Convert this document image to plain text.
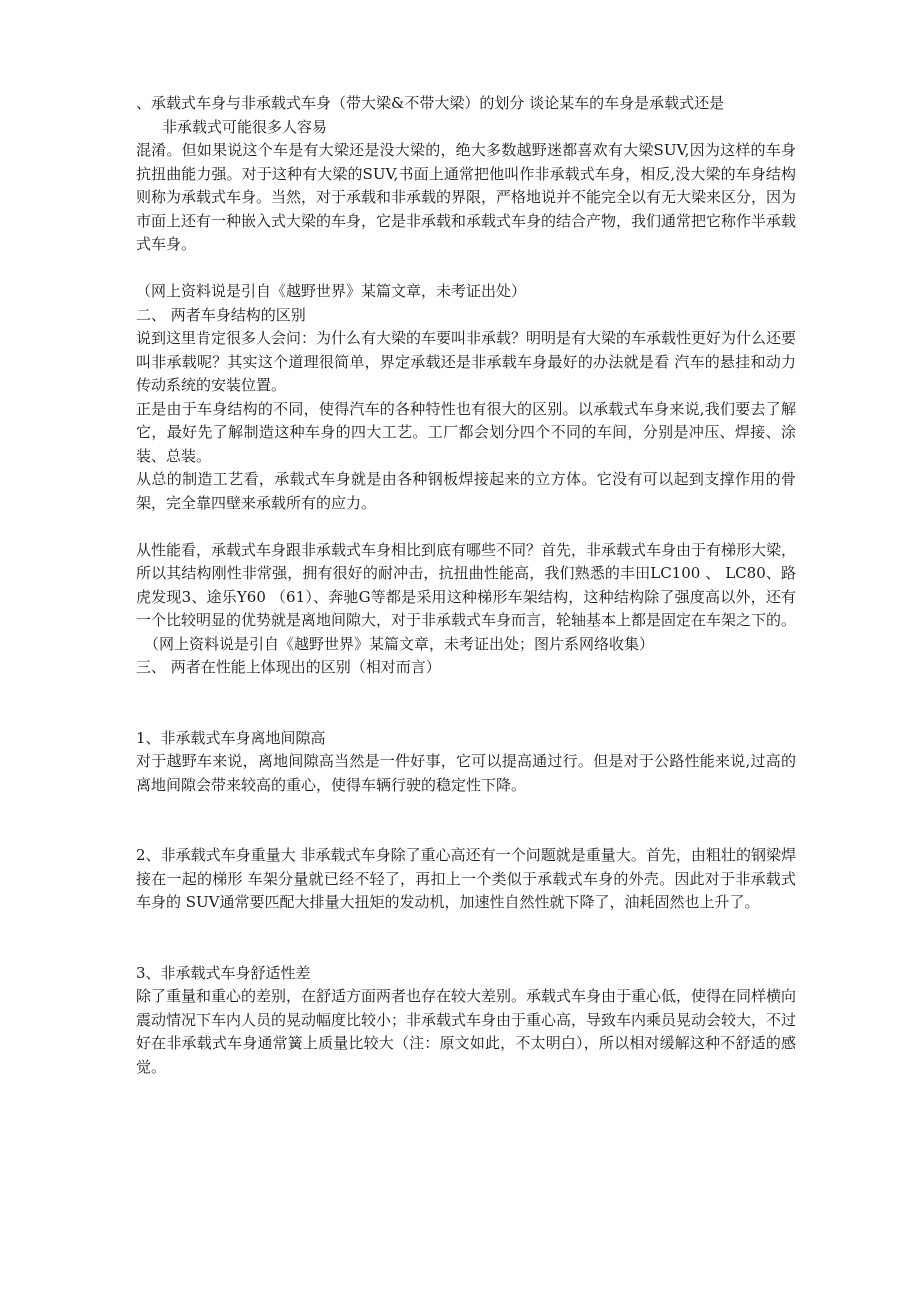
、承载式车身与非承载式车身（带大梁&不带大梁）的划分 谈论某车的车身是承载式还是

非承载式可能很多人容易

混淆。但如果说这个车是有大梁还是没大梁的，绝大多数越野迷都喜欢有大梁SUV,因为这样的车身抗扭曲能力强。对于这种有大梁的SUV,书面上通常把他叫作非承载式车身，相反,没大梁的车身结构则称为承载式车身。当然，对于承载和非承载的界限，严格地说并不能完全以有无大梁来区分，因为市面上还有一种嵌入式大梁的车身，它是非承载和承载式车身的结合产物，我们通常把它称作半承载式车身。

（网上资料说是引自《越野世界》某篇文章，未考证出处）

二、 两者车身结构的区别

说到这里肯定很多人会问：为什么有大梁的车要叫非承载？明明是有大梁的车承载性更好为什么还要叫非承载呢？其实这个道理很简单，界定承载还是非承载车身最好的办法就是看 汽车的悬挂和动力传动系统的安装位置。

正是由于车身结构的不同，使得汽车的各种特性也有很大的区别。以承载式车身来说,我们要去了解它，最好先了解制造这种车身的四大工艺。工厂都会划分四个不同的车间，分别是冲压、焊接、涂装、总装。

从总的制造工艺看，承载式车身就是由各种钢板焊接起来的立方体。它没有可以起到支撑作用的骨架，完全靠四壁来承载所有的应力。

从性能看，承载式车身跟非承载式车身相比到底有哪些不同？首先，非承载式车身由于有梯形大梁，所以其结构刚性非常强，拥有很好的耐冲击，抗扭曲性能高，我们熟悉的丰田LC100 、 LC80、路虎发现3、途乐Y60 （61）、奔驰G等都是采用这种梯形车架结构，这种结构除了强度高以外，还有一个比较明显的优势就是离地间隙大，对于非承载式车身而言，轮轴基本上都是固定在车架之下的。

（网上资料说是引自《越野世界》某篇文章，未考证出处；图片系网络收集）

三、 两者在性能上体现出的区别（相对而言）

1、非承载式车身离地间隙高

对于越野车来说，离地间隙高当然是一件好事，它可以提高通过行。但是对于公路性能来说,过高的离地间隙会带来较高的重心，使得车辆行驶的稳定性下降。

2、非承载式车身重量大 非承载式车身除了重心高还有一个问题就是重量大。首先，由粗壮的钢梁焊接在一起的梯形 车架分量就已经不轻了，再扣上一个类似于承载式车身的外壳。因此对于非承载式车身的 SUV通常要匹配大排量大扭矩的发动机，加速性自然性就下降了，油耗固然也上升了。

3、非承载式车身舒适性差

除了重量和重心的差别，在舒适方面两者也存在较大差别。承载式车身由于重心低，使得在同样横向震动情况下车内人员的晃动幅度比较小；非承载式车身由于重心高，导致车内乘员晃动会较大，不过好在非承载式车身通常簧上质量比较大（注：原文如此，不太明白），所以相对缓解这种不舒适的感觉。
